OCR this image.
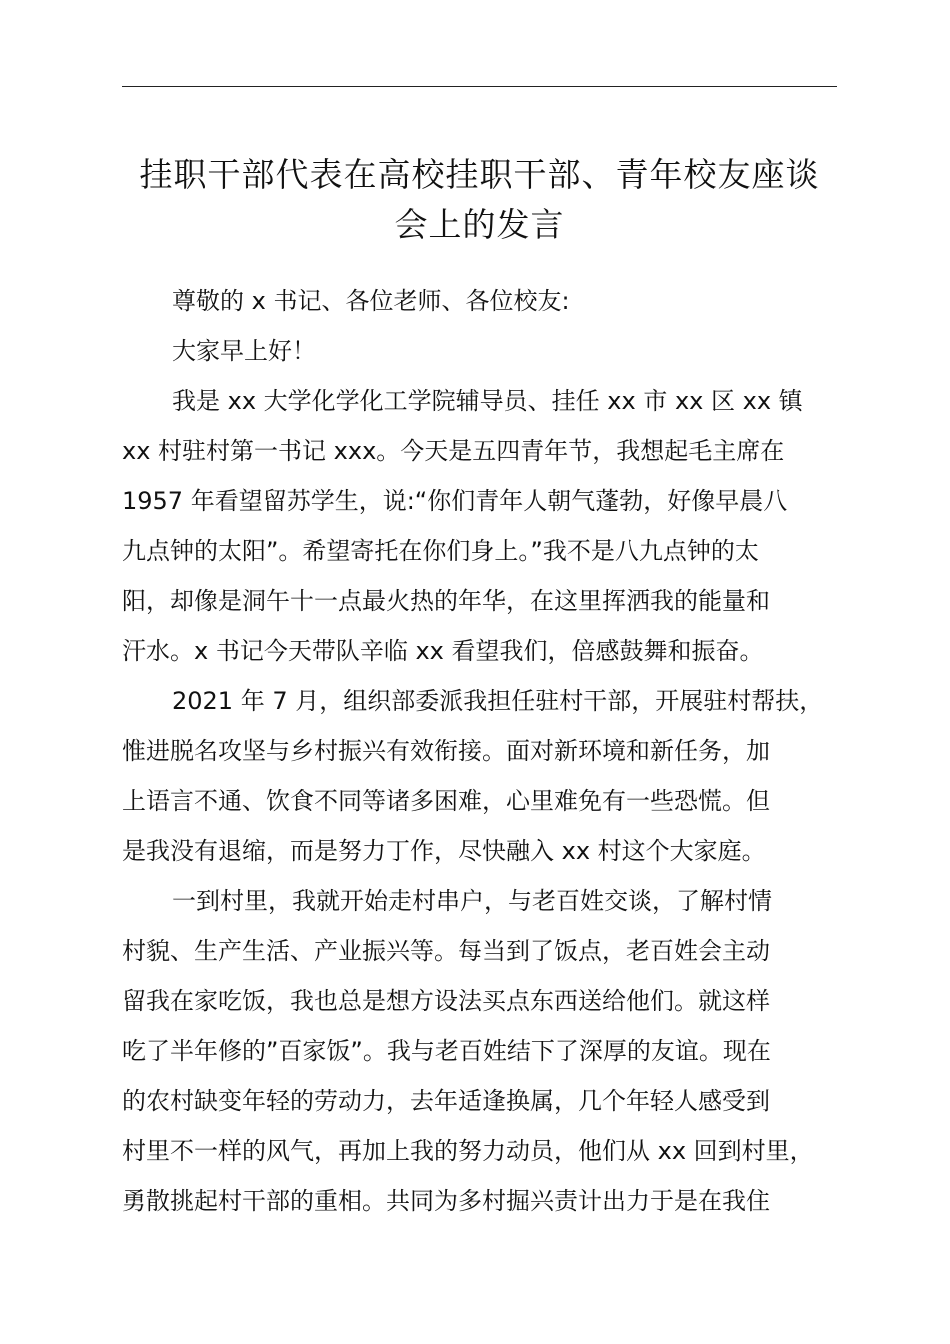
挂职干部代表在高校挂职干部、青年校友座谈
会上的发言
尊敬的 x 书记、各位老师、各位校友:
大家早上好！
我是 xx 大学化学化工学院辅导员、挂任 xx 市 xx 区 xx 镇
xx 村驻村第一书记 xxx。今天是五四青年节，我想起毛主席在
1957 年看望留苏学生，说:“你们青年人朝气蓬勃，好像早晨八
九点钟的太阳”。希望寄托在你们身上。”我不是八九点钟的太
阳，却像是洞午十一点最火热的年华，在这里挥洒我的能量和
汗水。x 书记今天带队辛临 xx 看望我们，倍感鼓舞和振奋。
2021 年 7 月，组织部委派我担任驻村干部，开展驻村帮扶，
惟进脱名攻坚与乡村振兴有效衔接。面对新环境和新任务，加
上语言不通、饮食不同等诸多困难，心里难免有一些恐慌。但
是我没有退缩，而是努力丁作，尽快融入 xx 村这个大家庭。
一到村里，我就开始走村串户，与老百姓交谈，了解村情
村貌、生产生活、产业振兴等。每当到了饭点，老百姓会主动
留我在家吃饭，我也总是想方设法买点东西送给他们。就这样
吃了半年修的”百家饭”。我与老百姓结下了深厚的友谊。现在
的农村缺变年轻的劳动力，去年适逢换属，几个年轻人感受到
村里不一样的风气，再加上我的努力动员，他们从 xx 回到村里，
勇散挑起村干部的重相。共同为多村掘兴责计出力于是在我住
